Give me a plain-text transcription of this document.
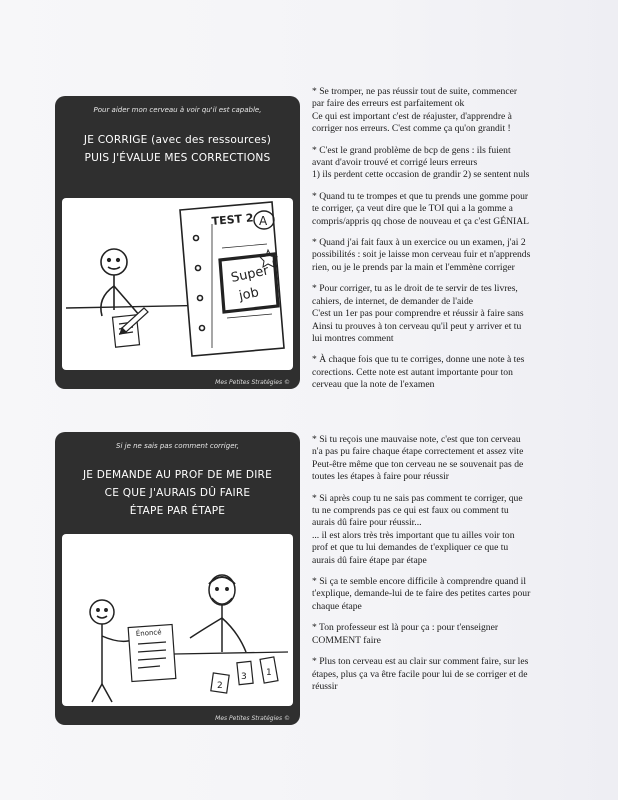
Pour aider mon cerveau à voir qu'il est capable,
JE CORRIGE (avec des ressources)
PUIS J'ÉVALUE MES CORRECTIONS
TEST 2 A
Super
job
Mes Petites Stratégies ©
Si je ne sais pas comment corriger,
JE DEMANDE AU PROF DE ME DIRE
CE QUE J'AURAIS DÛ FAIRE
ÉTAPE PAR ÉTAPE
Énoncé
3
2
1
Mes Petites Stratégies ©

* Se tromper, ne pas réussir tout de suite, commencer
par faire des erreurs est parfaitement ok
Ce qui est important c'est de réajuster, d'apprendre à
corriger nos erreurs. C'est comme ça qu'on grandit !

* C'est le grand problème de bcp de gens : ils fuient
avant d'avoir trouvé et corrigé leurs erreurs
1) ils perdent cette occasion de grandir 2) se sentent nuls

* Quand tu te trompes et que tu prends une gomme pour
te corriger, ça veut dire que le TOI qui a la gomme a
compris/appris qq chose de nouveau et ça c'est GÉNIAL

* Quand j'ai fait faux à un exercice ou un examen, j'ai 2
possibilités : soit je laisse mon cerveau fuir et n'apprends
rien, ou je le prends par la main et l'emmène corriger

* Pour corriger, tu as le droit de te servir de tes livres,
cahiers, de internet, de demander de l'aide
C'est un 1er pas pour comprendre et réussir à faire sans
Ainsi tu prouves à ton cerveau qu'il peut y arriver et tu
lui montres comment

* À chaque fois que tu te corriges, donne une note à tes
corections. Cette note est autant importante pour ton
cerveau que la note de l'examen

* Si tu reçois une mauvaise note, c'est que ton cerveau
n'a pas pu faire chaque étape correctement et assez vite
Peut-être même que ton cerveau ne se souvenait pas de
toutes les étapes à faire pour réussir

* Si après coup tu ne sais pas comment te corriger, que
tu ne comprends pas ce qui est faux ou comment tu
aurais dû faire pour réussir...
... il est alors très très important que tu ailles voir ton
prof et que tu lui demandes de t'expliquer ce que tu
aurais dû faire étape par étape

* Si ça te semble encore difficile à comprendre quand il
t'explique, demande-lui de te faire des petites cartes pour
chaque étape

* Ton professeur est là pour ça : pour t'enseigner
COMMENT faire

* Plus ton cerveau est au clair sur comment faire, sur les
étapes, plus ça va être facile pour lui de se corriger et de
réussir
